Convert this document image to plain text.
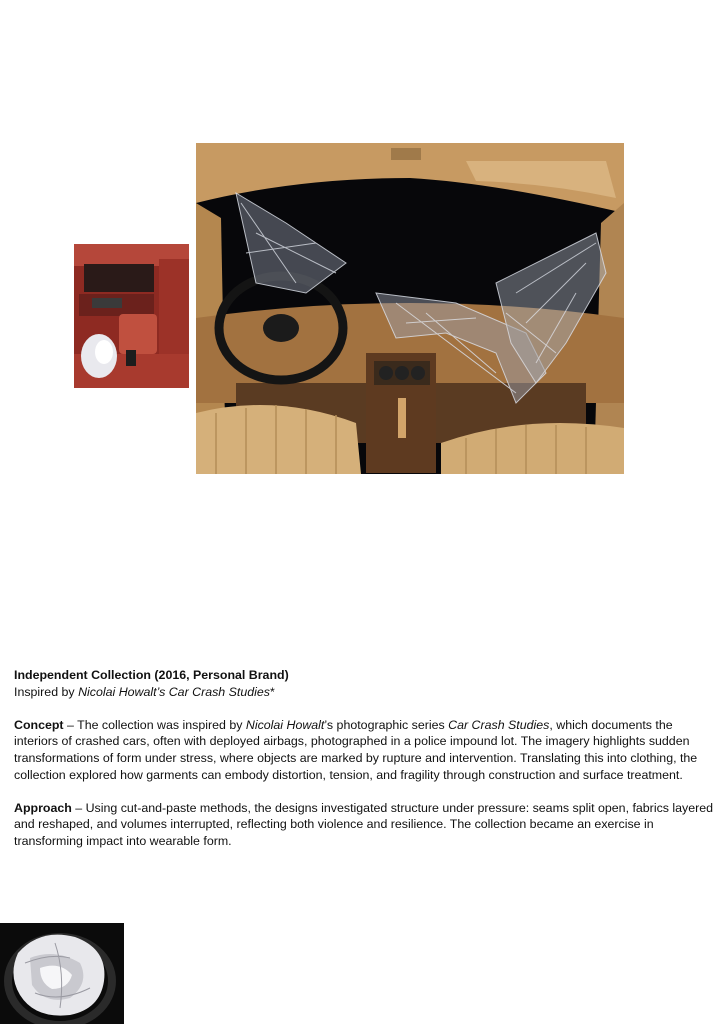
Independent Collection (2016, Personal Brand)

Inspired by Nicolai Howalt’s Car Crash Studies*

Concept – The collection was inspired by Nicolai Howalt’s photographic series Car Crash Studies, which documents the interiors of crashed cars, often with deployed airbags, photographed in a police impound lot. The imagery highlights sudden transformations of form under stress, where objects are marked by rupture and intervention. Translating this into clothing, the collection explored how garments can embody distortion, tension, and fragility through construction and surface treatment.

Approach – Using cut-and-paste methods, the designs investigated structure under pressure: seams split open, fabrics layered and reshaped, and volumes interrupted, reflecting both violence and resilience. The collection became an exercise in transforming impact into wearable form.
